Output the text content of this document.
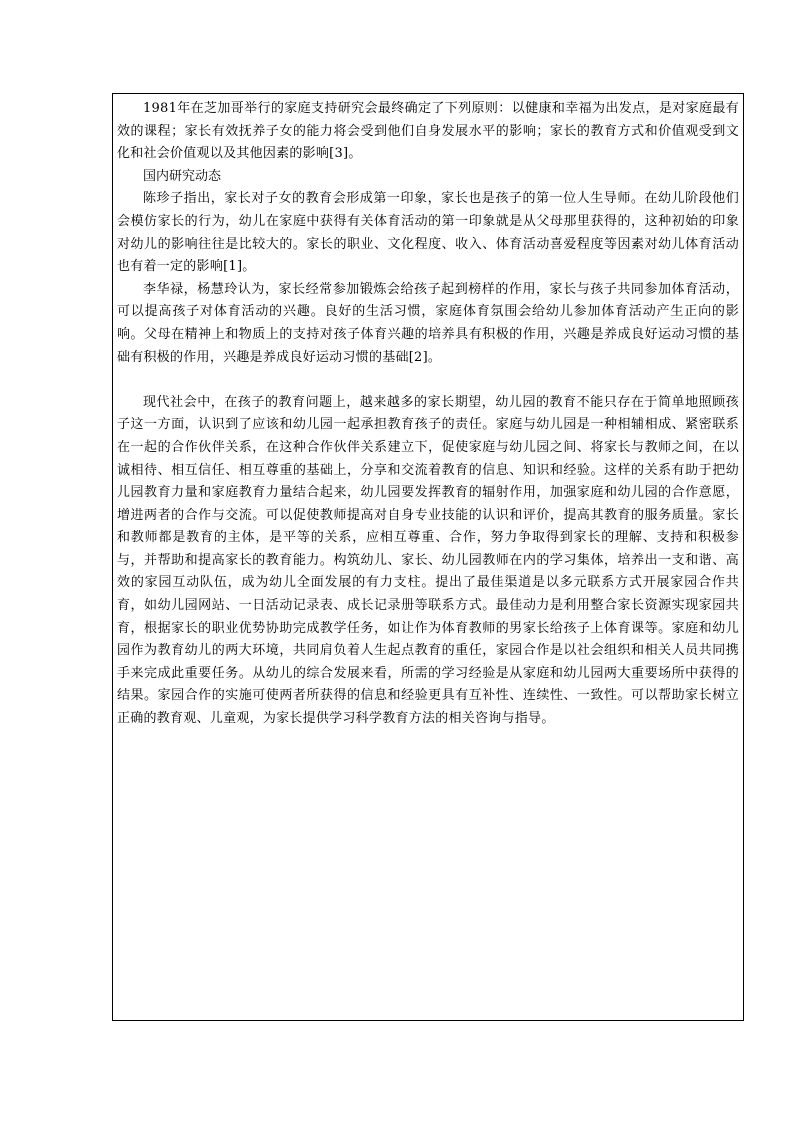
1981年在芝加哥举行的家庭支持研究会最终确定了下列原则：以健康和幸福为出发点，是对家庭最有效的课程；家长有效抚养子女的能力将会受到他们自身发展水平的影响；家长的教育方式和价值观受到文化和社会价值观以及其他因素的影响[3]。

国内研究动态

陈珍子指出，家长对子女的教育会形成第一印象，家长也是孩子的第一位人生导师。在幼儿阶段他们会模仿家长的行为，幼儿在家庭中获得有关体育活动的第一印象就是从父母那里获得的，这种初始的印象对幼儿的影响往往是比较大的。家长的职业、文化程度、收入、体育活动喜爱程度等因素对幼儿体育活动也有着一定的影响[1]。

李华禄，杨慧玲认为，家长经常参加锻炼会给孩子起到榜样的作用，家长与孩子共同参加体育活动，可以提高孩子对体育活动的兴趣。良好的生活习惯，家庭体育氛围会给幼儿参加体育活动产生正向的影响。父母在精神上和物质上的支持对孩子体育兴趣的培养具有积极的作用，兴趣是养成良好运动习惯的基础有积极的作用，兴趣是养成良好运动习惯的基础[2]。

现代社会中，在孩子的教育问题上，越来越多的家长期望，幼儿园的教育不能只存在于简单地照顾孩子这一方面，认识到了应该和幼儿园一起承担教育孩子的责任。家庭与幼儿园是一种相辅相成、紧密联系在一起的合作伙伴关系，在这种合作伙伴关系建立下，促使家庭与幼儿园之间、将家长与教师之间，在以诚相待、相互信任、相互尊重的基础上，分享和交流着教育的信息、知识和经验。这样的关系有助于把幼儿园教育力量和家庭教育力量结合起来，幼儿园要发挥教育的辐射作用，加强家庭和幼儿园的合作意愿，增进两者的合作与交流。可以促使教师提高对自身专业技能的认识和评价，提高其教育的服务质量。家长和教师都是教育的主体，是平等的关系，应相互尊重、合作，努力争取得到家长的理解、支持和积极参与，并帮助和提高家长的教育能力。构筑幼儿、家长、幼儿园教师在内的学习集体，培养出一支和谐、高效的家园互动队伍，成为幼儿全面发展的有力支柱。提出了最佳渠道是以多元联系方式开展家园合作共育，如幼儿园网站、一日活动记录表、成长记录册等联系方式。最佳动力是利用整合家长资源实现家园共育，根据家长的职业优势协助完成教学任务，如让作为体育教师的男家长给孩子上体育课等。家庭和幼儿园作为教育幼儿的两大环境，共同肩负着人生起点教育的重任，家园合作是以社会组织和相关人员共同携手来完成此重要任务。从幼儿的综合发展来看，所需的学习经验是从家庭和幼儿园两大重要场所中获得的结果。家园合作的实施可使两者所获得的信息和经验更具有互补性、连续性、一致性。可以帮助家长树立正确的教育观、儿童观，为家长提供学习科学教育方法的相关咨询与指导。
